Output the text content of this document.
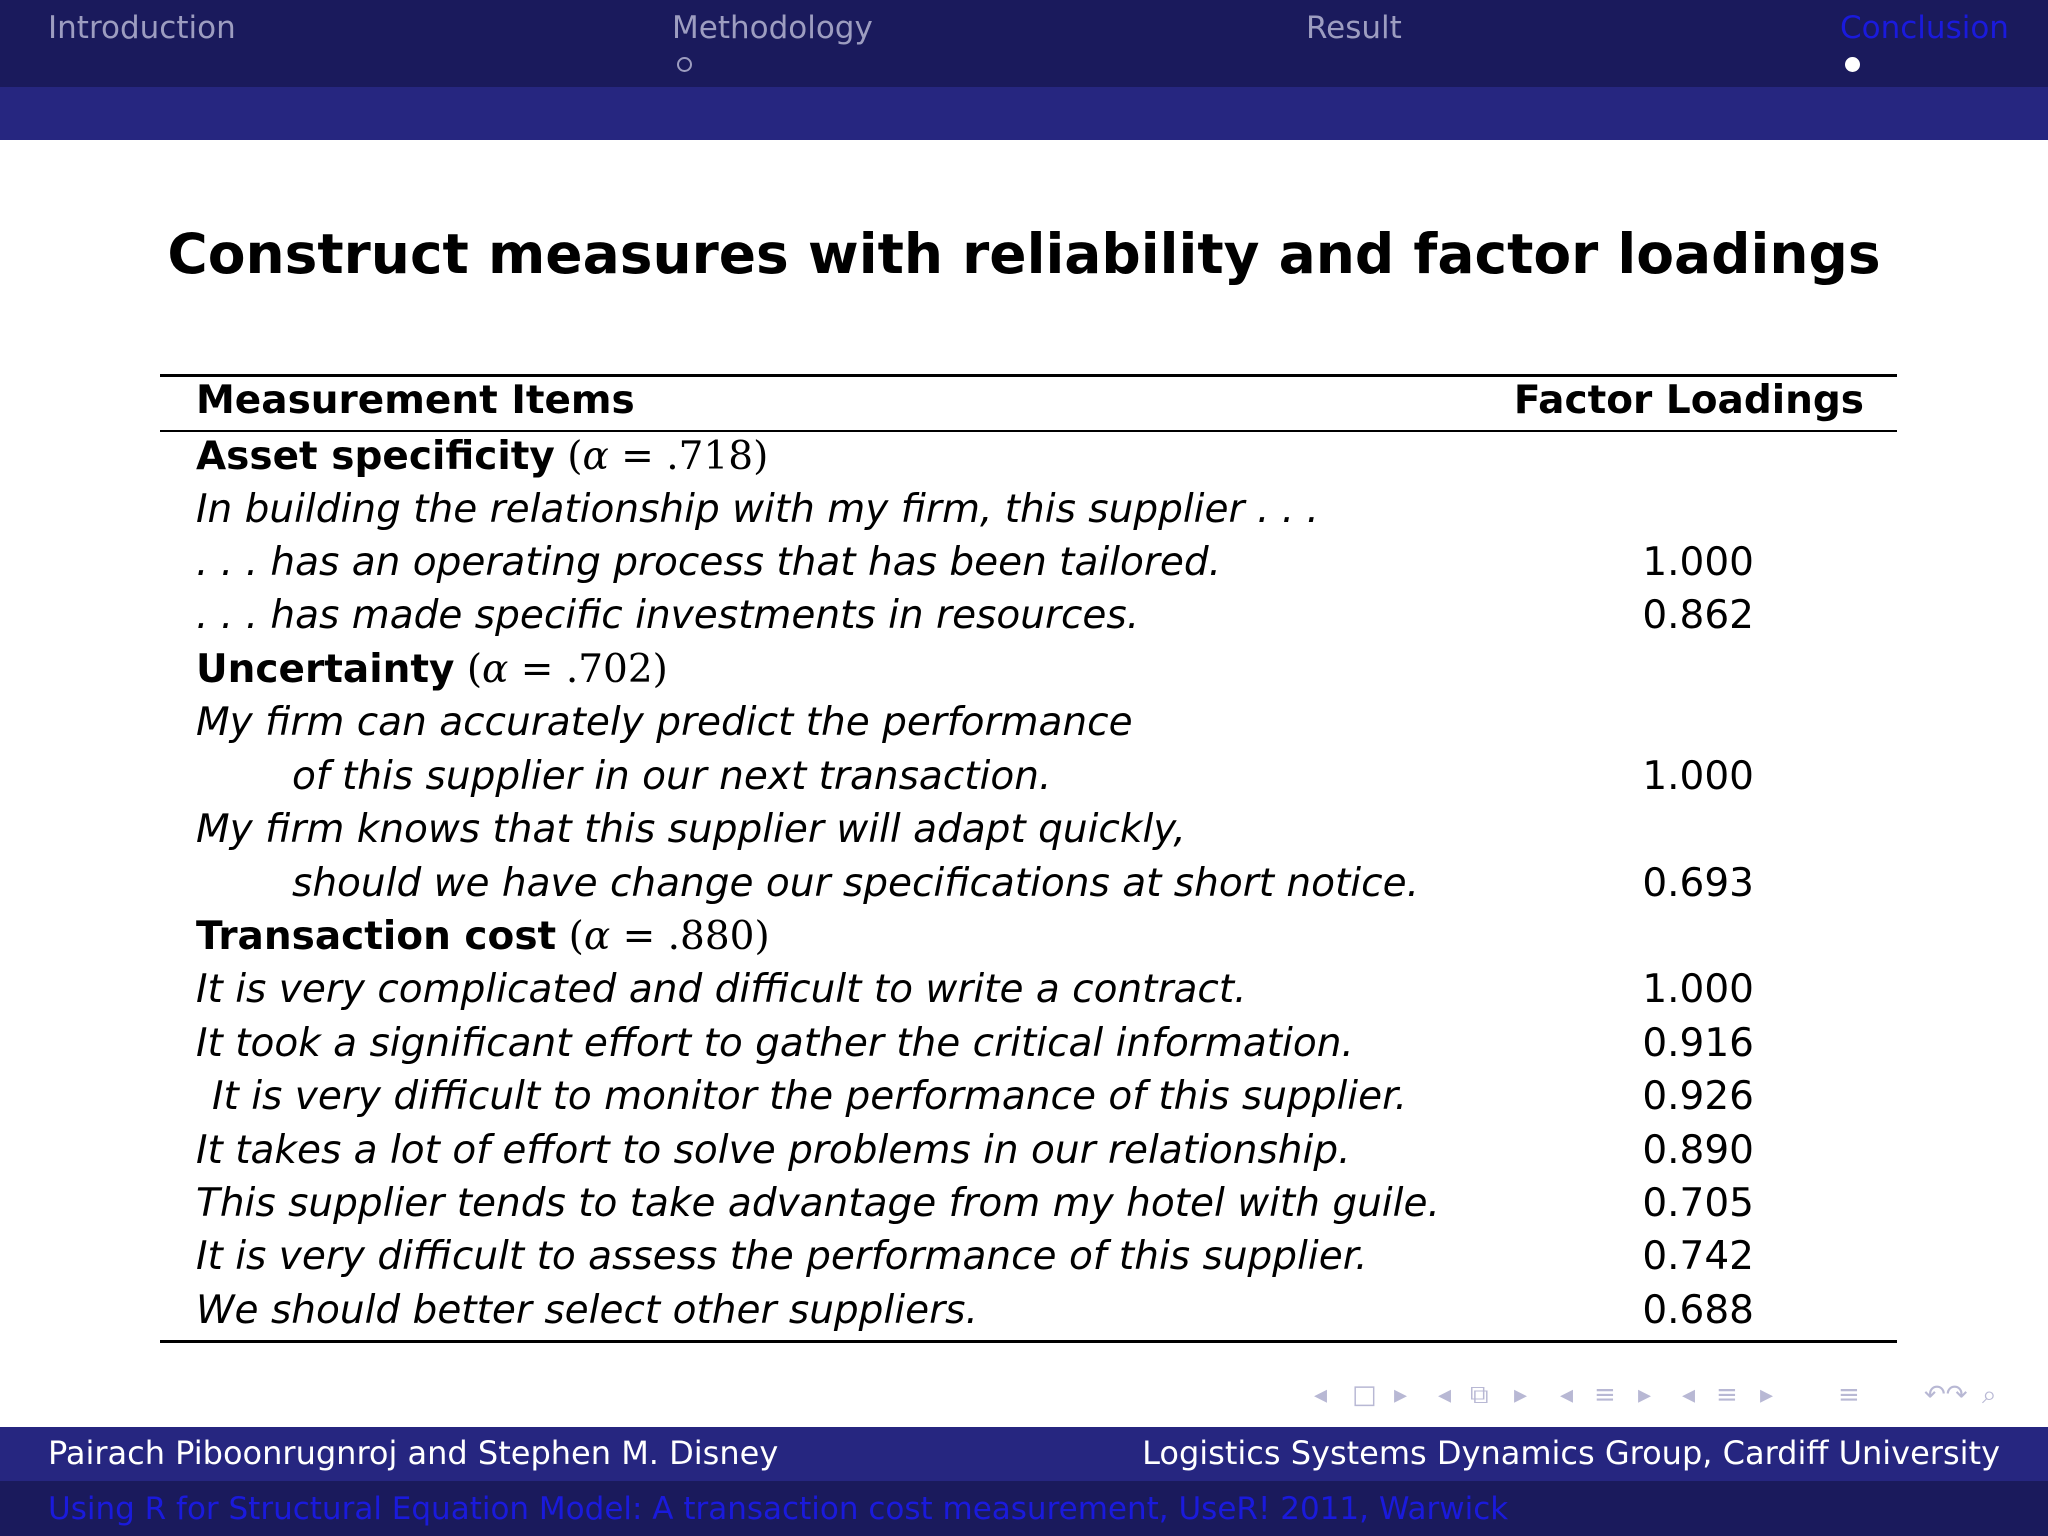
Introduction	Methodology	Result	Conclusion
Construct measures with reliability and factor loadings
Measurement Items	Factor Loadings
Asset specificity (α = .718)
In building the relationship with my firm, this supplier . . .
. . . has an operating process that has been tailored.	1.000
. . . has made specific investments in resources.	0.862
Uncertainty (α = .702)
My firm can accurately predict the performance
of this supplier in our next transaction.	1.000
My firm knows that this supplier will adapt quickly,
should we have change our specifications at short notice.	0.693
Transaction cost (α = .880)
It is very complicated and difficult to write a contract.	1.000
It took a significant effort to gather the critical information.	0.916
It is very difficult to monitor the performance of this supplier.	0.926
It takes a lot of effort to solve problems in our relationship.	0.890
This supplier tends to take advantage from my hotel with guile.	0.705
It is very difficult to assess the performance of this supplier.	0.742
We should better select other suppliers.	0.688
◂ □ ▸ ◂ ⧉ ▸ ◂ ≡ ▸ ◂ ≡ ▸ ≡ ↶↷ ⌕
Pairach Piboonrugnroj and Stephen M. Disney	Logistics Systems Dynamics Group, Cardiff University
Using R for Structural Equation Model: A transaction cost measurement, UseR! 2011, Warwick
